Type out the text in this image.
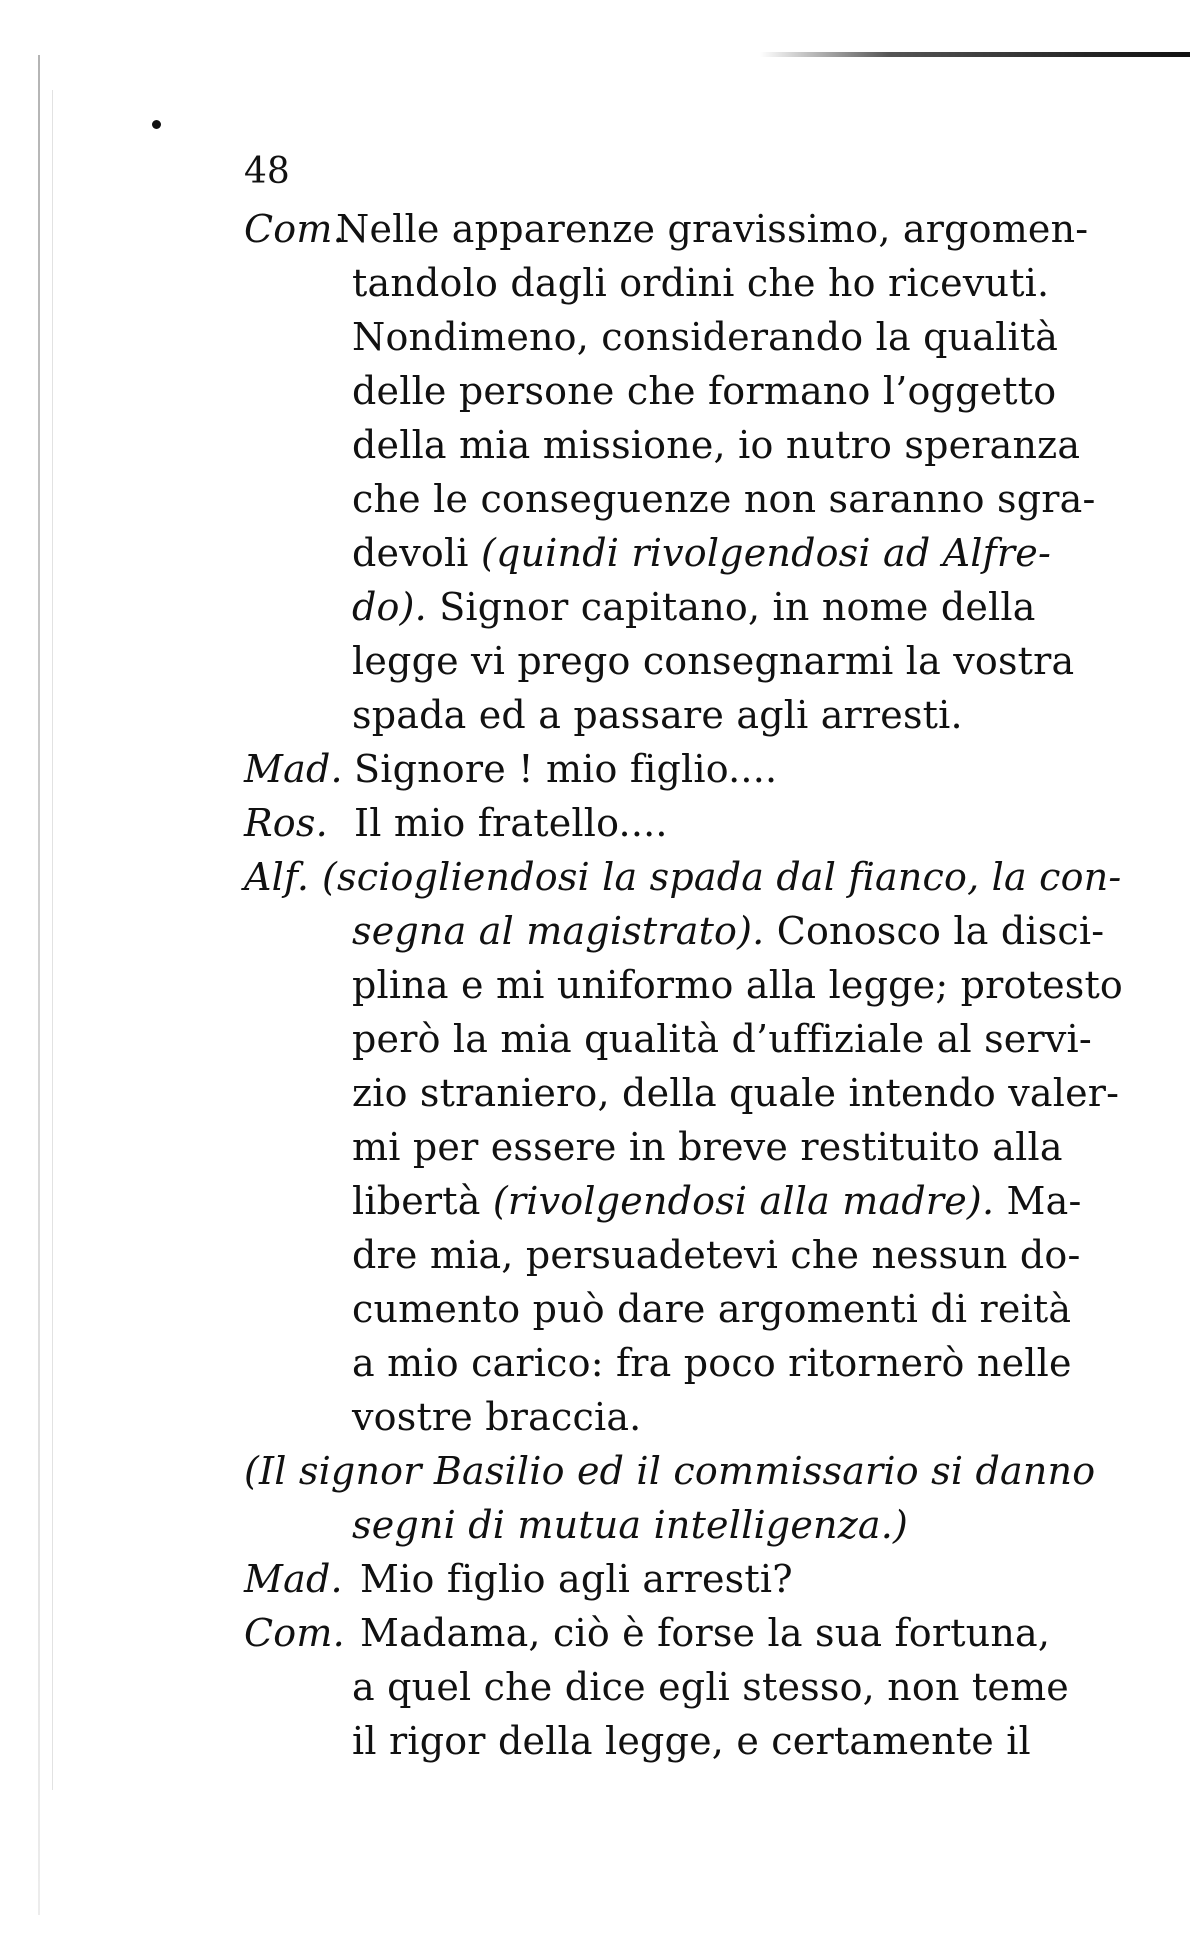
48
Com.
Nelle apparenze gravissimo, argomen-
tandolo dagli ordini che ho ricevuti.
Nondimeno, considerando la qualità
delle persone che formano l’oggetto
della mia missione, io nutro speranza
che le conseguenze non saranno sgra-
devoli (quindi rivolgendosi ad Alfre-
do). Signor capitano, in nome della
legge vi prego consegnarmi la vostra
spada ed a passare agli arresti.
Mad. Signore ! mio figlio....
Ros. Il mio fratello....
Alf. (sciogliendosi la spada dal fianco, la con-
segna al magistrato). Conosco la disci-
plina e mi uniformo alla legge; protesto
però la mia qualità d’uffiziale al servi-
zio straniero, della quale intendo valer-
mi per essere in breve restituito alla
libertà (rivolgendosi alla madre). Ma-
dre mia, persuadetevi che nessun do-
cumento può dare argomenti di reità
a mio carico: fra poco ritornerò nelle
vostre braccia.
(Il signor Basilio ed il commissario si danno
segni di mutua intelligenza.)
Mad. Mio figlio agli arresti?
Com. Madama, ciò è forse la sua fortuna,
a quel che dice egli stesso, non teme
il rigor della legge, e certamente il
